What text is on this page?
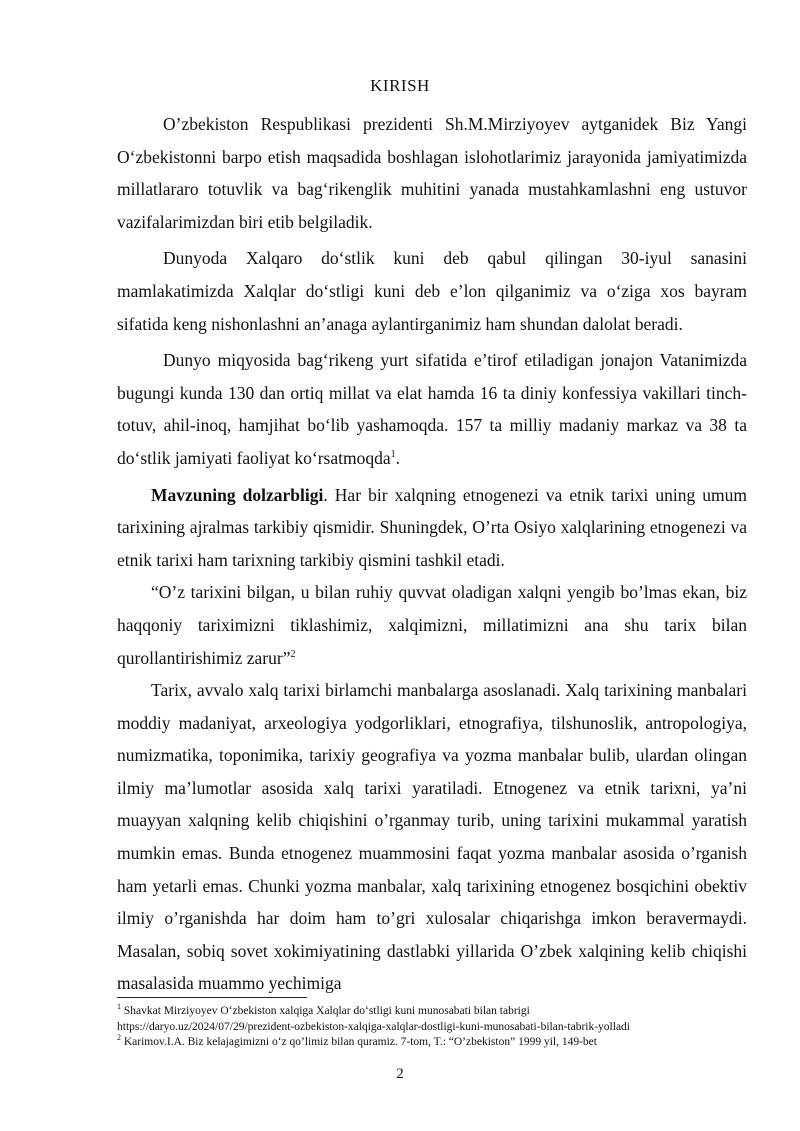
KIRISH

O’zbekiston Respublikasi prezidenti Sh.M.Mirziyoyev aytganidek Biz Yangi O‘zbekistonni barpo etish maqsadida boshlagan islohotlarimiz jarayonida jamiyatimizda millatlararo totuvlik va bag‘rikenglik muhitini yanada mustahkamlashni eng ustuvor vazifalarimizdan biri etib belgiladik.

Dunyoda Xalqaro do‘stlik kuni deb qabul qilingan 30-iyul sanasini mamlakatimizda Xalqlar do‘stligi kuni deb e’lon qilganimiz va o‘ziga xos bayram sifatida keng nishonlashni an’anaga aylantirganimiz ham shundan dalolat beradi.

Dunyo miqyosida bag‘rikeng yurt sifatida e’tirof etiladigan jonajon Vatanimizda bugungi kunda 130 dan ortiq millat va elat hamda 16 ta diniy konfessiya vakillari tinch-totuv, ahil-inoq, hamjihat bo‘lib yashamoqda. 157 ta milliy madaniy markaz va 38 ta do‘stlik jamiyati faoliyat ko‘rsatmoqda$^1$.

Mavzuning dolzarbligi. Har bir xalqning etnogenezi va etnik tarixi uning umum tarixining ajralmas tarkibiy qismidir. Shuningdek, O’rta Osiyo xalqlarining etnogenezi va etnik tarixi ham tarixning tarkibiy qismini tashkil etadi.

“O’z tarixini bilgan, u bilan ruhiy quvvat oladigan xalqni yengib bo’lmas ekan, biz haqqoniy tariximizni tiklashimiz, xalqimizni, millatimizni ana shu tarix bilan qurollantirishimiz zarur”$^2$

Tarix, avvalo xalq tarixi birlamchi manbalarga asoslanadi. Xalq tarixining manbalari moddiy madaniyat, arxeologiya yodgorliklari, etnografiya, tilshunoslik, antropologiya, numizmatika, toponimika, tarixiy geografiya va yozma manbalar bulib, ulardan olingan ilmiy ma’lumotlar asosida xalq tarixi yaratiladi. Etnogenez va etnik tarixni, ya’ni muayyan xalqning kelib chiqishini o’rganmay turib, uning tarixini mukammal yaratish mumkin emas. Bunda etnogenez muammosini faqat yozma manbalar asosida o’rganish ham yetarli emas. Chunki yozma manbalar, xalq tarixining etnogenez bosqichini obektiv ilmiy o’rganishda har doim ham to’gri xulosalar chiqarishga imkon beravermaydi. Masalan, sobiq sovet xokimiyatining dastlabki yillarida O’zbek xalqining kelib chiqishi masalasida muammo yechimiga

$^1$ Shavkat Mirziyoyev O‘zbekiston xalqiga Xalqlar do‘stligi kuni munosabati bilan tabrigi
https://daryo.uz/2024/07/29/prezident-ozbekiston-xalqiga-xalqlar-dostligi-kuni-munosabati-bilan-tabrik-yolladi
$^2$ Karimov.I.A. Biz kelajagimizni o‘z qo’limiz bilan quramiz. 7-tom, T.: “O’zbekiston” 1999 yil, 149-bet
2
